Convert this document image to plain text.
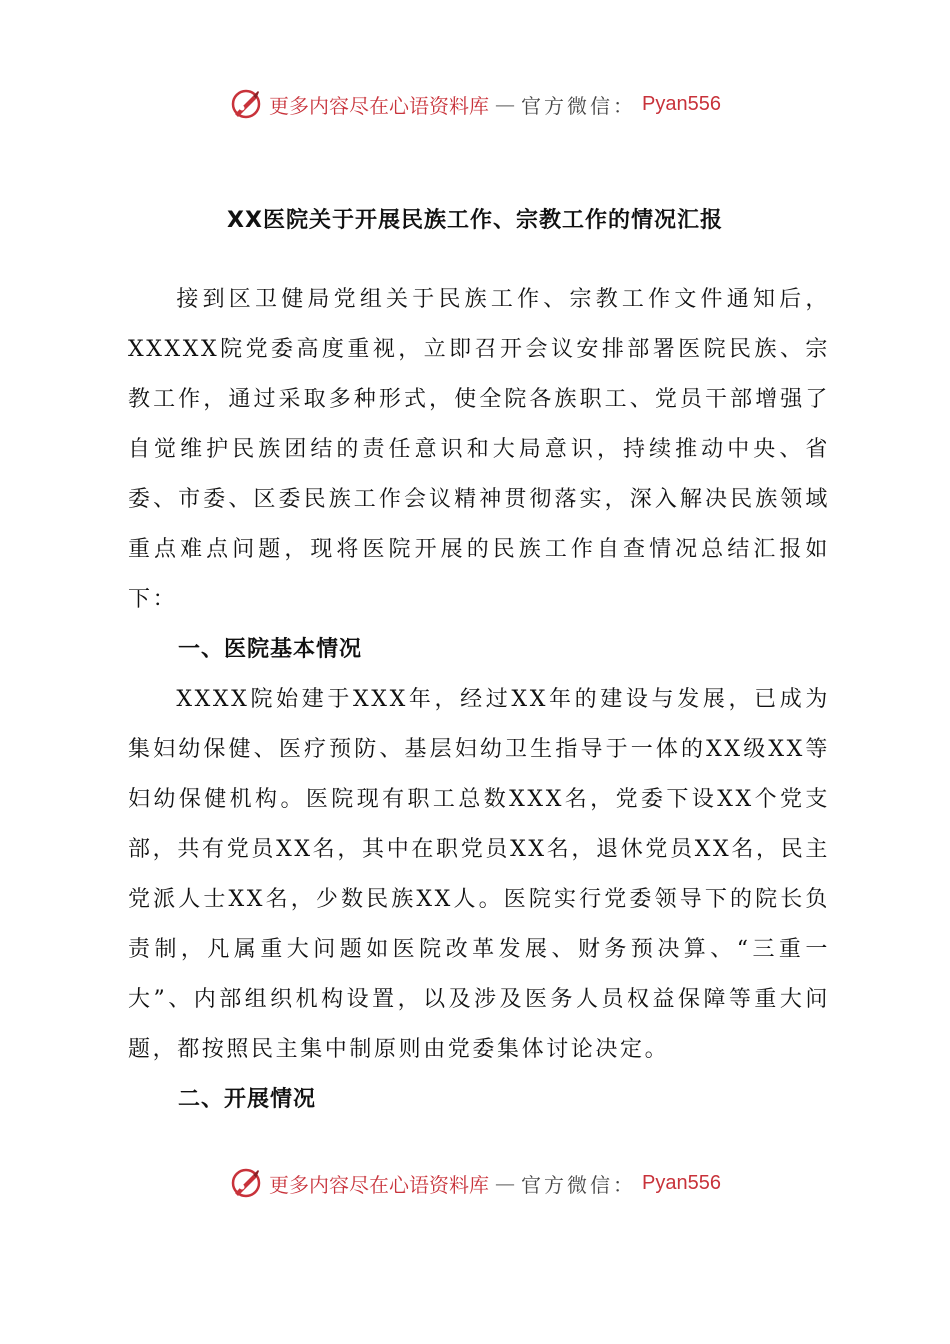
更多内容尽在心语资料库 — 官方微信： Pyan556
XX医院关于开展民族工作、宗教工作的情况汇报

接到区卫健局党组关于民族工作、宗教工作文件通知后，XXXXX院党委高度重视，立即召开会议安排部署医院民族、宗教工作，通过采取多种形式，使全院各族职工、党员干部增强了自觉维护民族团结的责任意识和大局意识，持续推动中央、省委、市委、区委民族工作会议精神贯彻落实，深入解决民族领域重点难点问题，现将医院开展的民族工作自查情况总结汇报如下：

一、医院基本情况

XXXX院始建于XXX年，经过XX年的建设与发展，已成为集妇幼保健、医疗预防、基层妇幼卫生指导于一体的XX级XX等妇幼保健机构。医院现有职工总数XXX名，党委下设XX个党支部，共有党员XX名，其中在职党员XX名，退休党员XX名，民主党派人士XX名，少数民族XX人。医院实行党委领导下的院长负责制，凡属重大问题如医院改革发展、财务预决算、“三重一大”、内部组织机构设置，以及涉及医务人员权益保障等重大问题，都按照民主集中制原则由党委集体讨论决定。

二、开展情况
更多内容尽在心语资料库 — 官方微信： Pyan556
